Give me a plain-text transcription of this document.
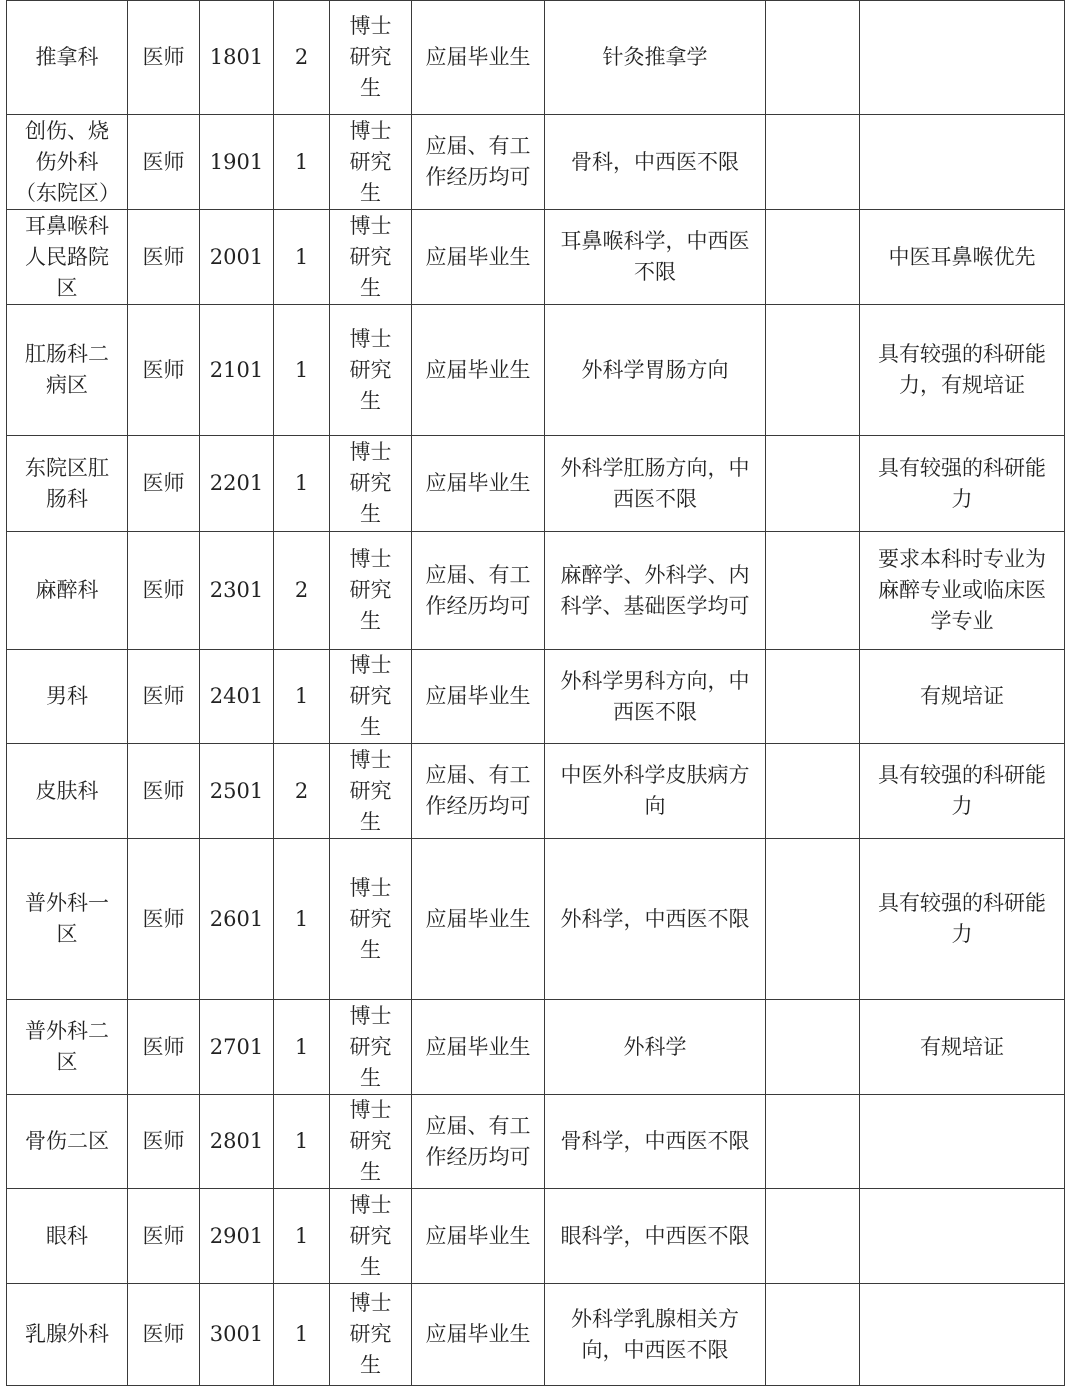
推拿科	医师	1801	2	博士研究生	应届毕业生	针灸推拿学		
创伤、烧伤外科（东院区）	医师	1901	1	博士研究生	应届、有工作经历均可	骨科，中西医不限		
耳鼻喉科人民路院区	医师	2001	1	博士研究生	应届毕业生	耳鼻喉科学，中西医不限		中医耳鼻喉优先
肛肠科二病区	医师	2101	1	博士研究生	应届毕业生	外科学胃肠方向		具有较强的科研能力，有规培证
东院区肛肠科	医师	2201	1	博士研究生	应届毕业生	外科学肛肠方向，中西医不限		具有较强的科研能力
麻醉科	医师	2301	2	博士研究生	应届、有工作经历均可	麻醉学、外科学、内科学、基础医学均可		要求本科时专业为麻醉专业或临床医学专业
男科	医师	2401	1	博士研究生	应届毕业生	外科学男科方向，中西医不限		有规培证
皮肤科	医师	2501	2	博士研究生	应届、有工作经历均可	中医外科学皮肤病方向		具有较强的科研能力
普外科一区	医师	2601	1	博士研究生	应届毕业生	外科学，中西医不限		具有较强的科研能力
普外科二区	医师	2701	1	博士研究生	应届毕业生	外科学		有规培证
骨伤二区	医师	2801	1	博士研究生	应届、有工作经历均可	骨科学，中西医不限		
眼科	医师	2901	1	博士研究生	应届毕业生	眼科学，中西医不限		
乳腺外科	医师	3001	1	博士研究生	应届毕业生	外科学乳腺相关方向，中西医不限		
